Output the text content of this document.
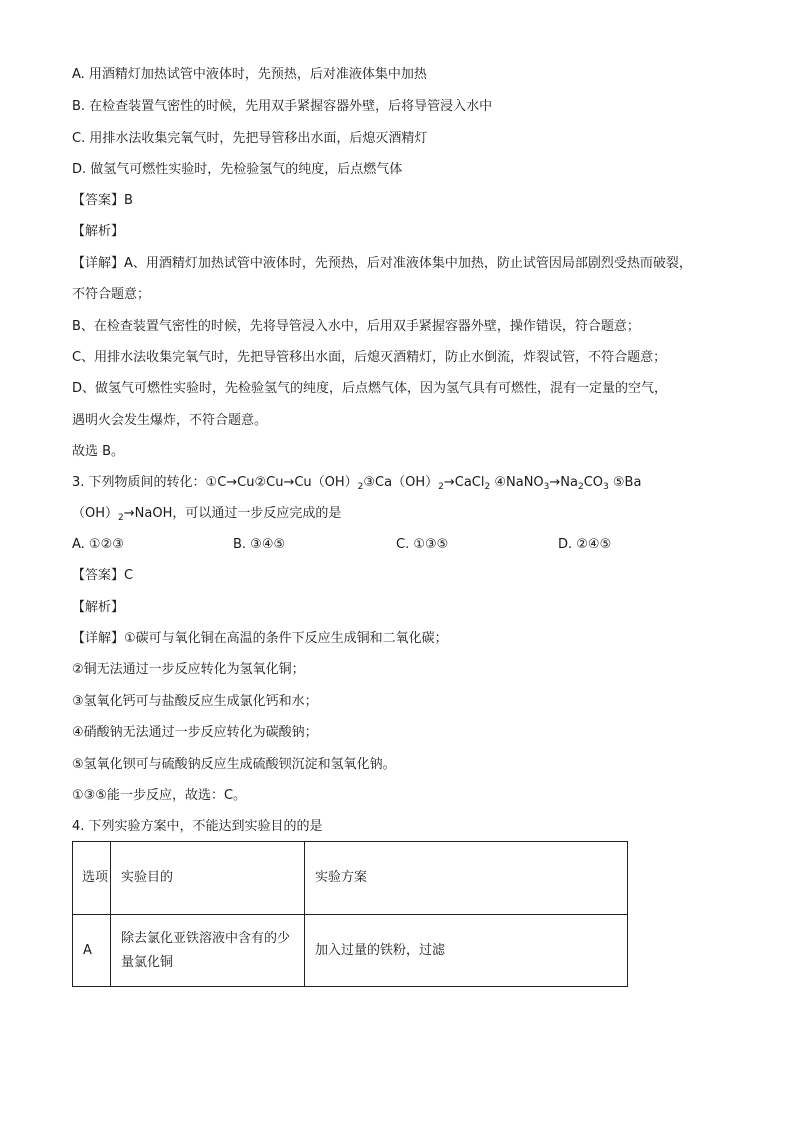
A. 用酒精灯加热试管中液体时，先预热，后对准液体集中加热
B. 在检查装置气密性的时候，先用双手紧握容器外壁，后将导管浸入水中
C. 用排水法收集完氧气时，先把导管移出水面，后熄灭酒精灯
D. 做氢气可燃性实验时，先检验氢气的纯度，后点燃气体
【答案】B
【解析】
【详解】A、用酒精灯加热试管中液体时，先预热，后对准液体集中加热，防止试管因局部剧烈受热而破裂，
不符合题意；
B、在检查装置气密性的时候，先将导管浸入水中，后用双手紧握容器外壁，操作错误，符合题意；
C、用排水法收集完氧气时，先把导管移出水面，后熄灭酒精灯，防止水倒流，炸裂试管，不符合题意；
D、做氢气可燃性实验时，先检验氢气的纯度，后点燃气体，因为氢气具有可燃性，混有一定量的空气，
遇明火会发生爆炸，不符合题意。
故选 B。
3. 下列物质间的转化：$①C\to Cu②Cu\to Cu(OH)_2③Ca(OH)_2\to CaCl_2$ $④NaNO_3\to Na_2CO_3$ ⑤Ba
$(OH)_2\to NaOH$，可以通过一步反应完成的是
A. ①②③	B. ③④⑤	C. ①③⑤	D. ②④⑤
【答案】C
【解析】
【详解】①碳可与氧化铜在高温的条件下反应生成铜和二氧化碳；
②铜无法通过一步反应转化为氢氧化铜；
③氢氧化钙可与盐酸反应生成氯化钙和水；
④硝酸钠无法通过一步反应转化为碳酸钠；
⑤氢氧化钡可与硫酸钠反应生成硫酸钡沉淀和氢氧化钠。
①③⑤能一步反应，故选：C。
4. 下列实验方案中，不能达到实验目的的是
选项	实验目的	实验方案
A	除去氯化亚铁溶液中含有的少量氯化铜	加入过量的铁粉，过滤
